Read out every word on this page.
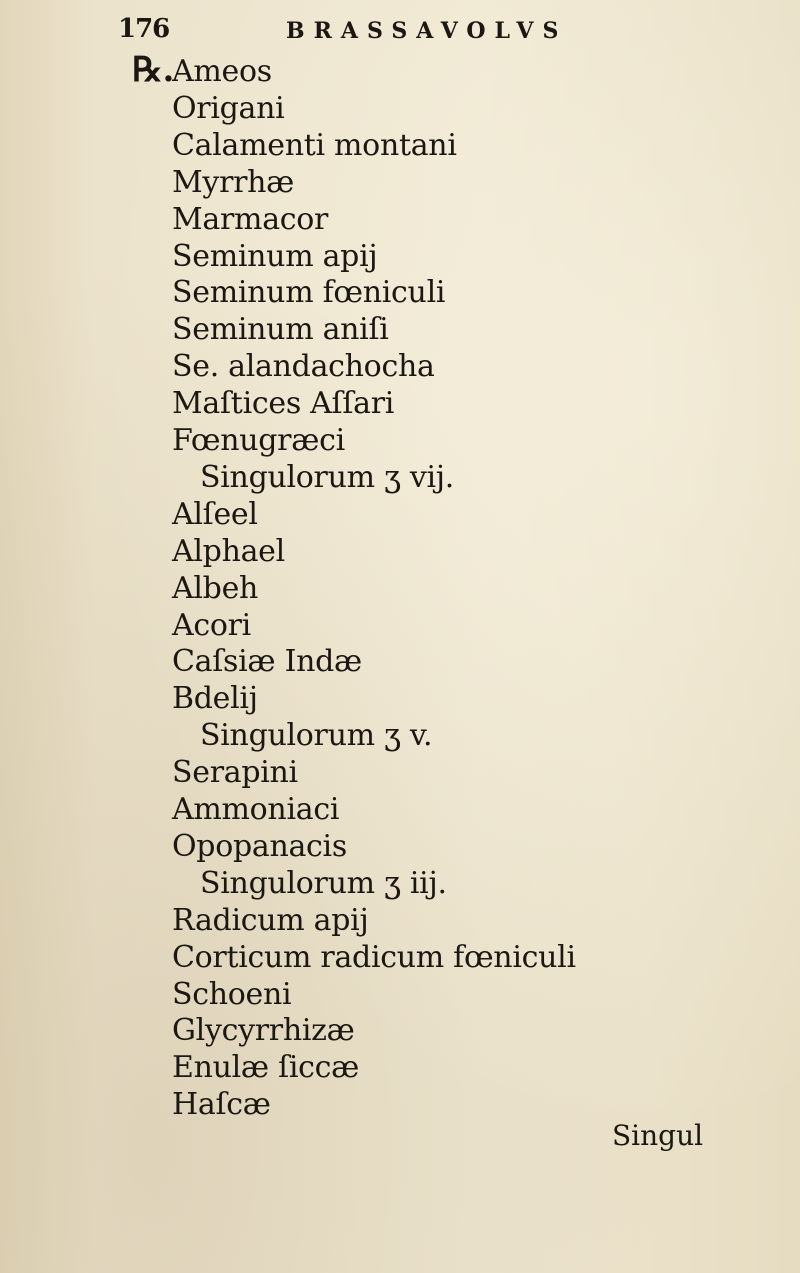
176	BRASSAVOLVS
℞.
Ameos
Origani
Calamenti montani
Myrrhæ
Marmacor
Seminum apij
Seminum fœniculi
Seminum aniſi
Se. alandachocha
Maſtices Aſſari
Fœnugræci
Singulorum ʒ vij.
Alſeel
Alphael
Albeh
Acori
Caſsiæ Indæ
Bdelij
Singulorum ʒ v.
Serapini
Ammoniaci
Opopanacis
Singulorum ʒ iij.
Radicum apij
Corticum radicum fœniculi
Schoeni
Glycyrrhizæ
Enulæ ſiccæ
Haſcæ
Singul
